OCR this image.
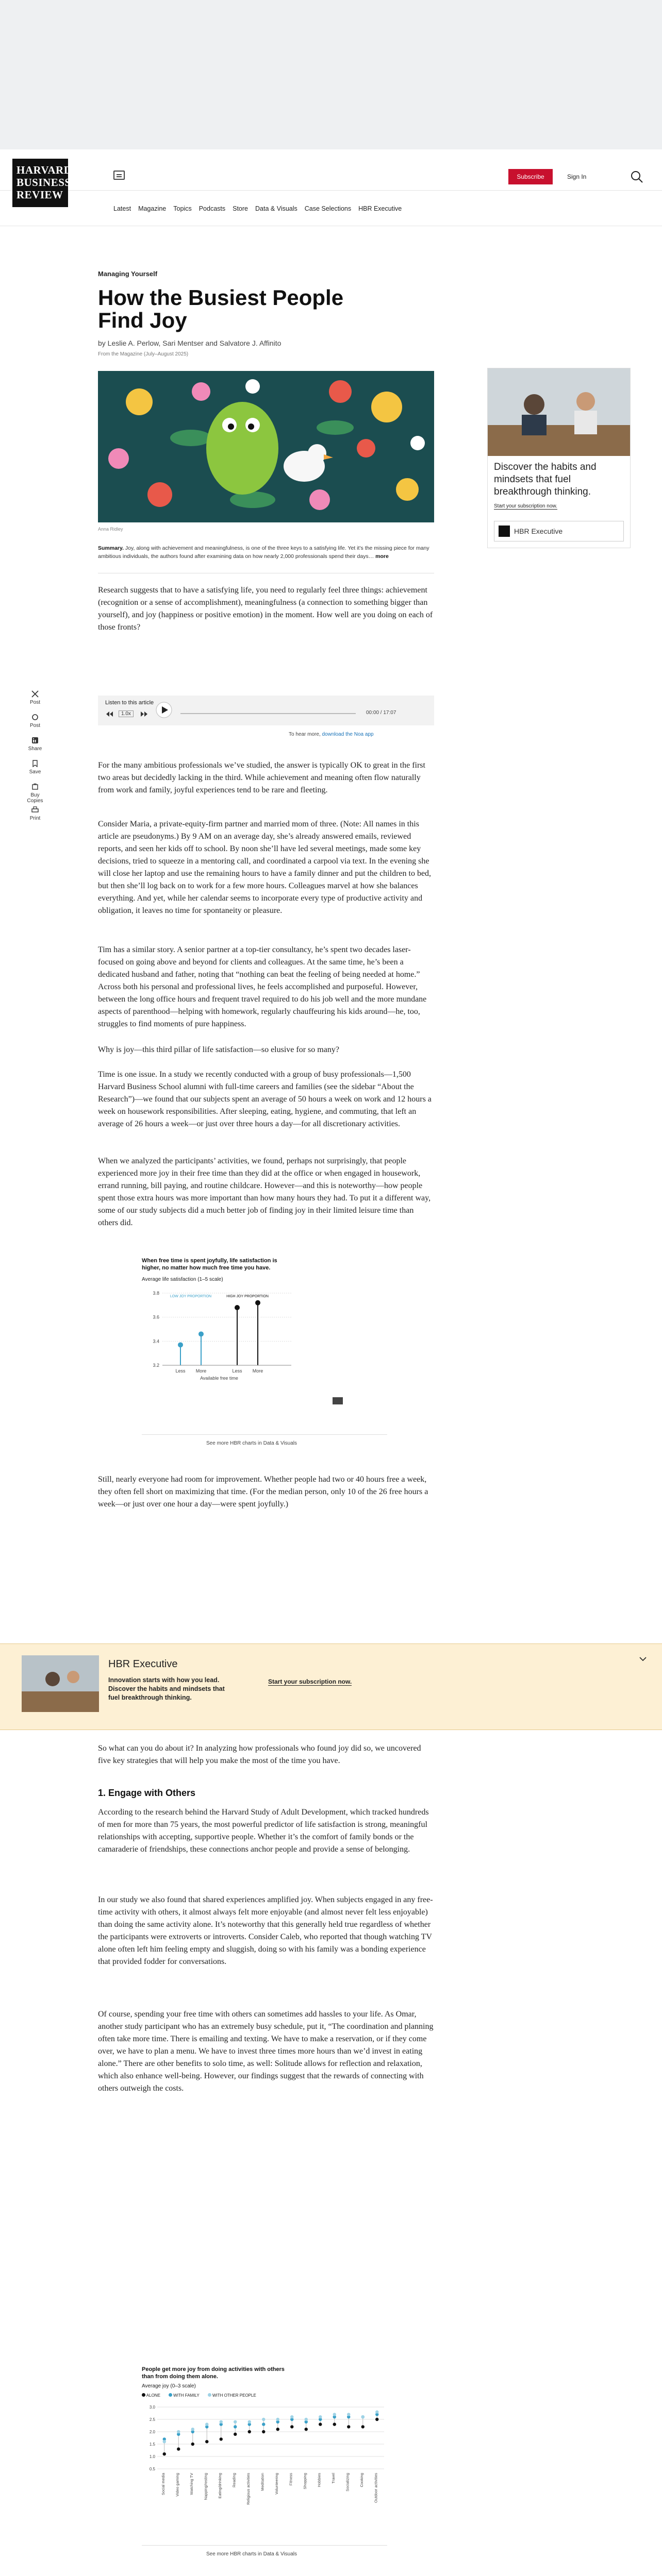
HARVARD
BUSINESS
REVIEW
Subscribe	Sign In
Latest Magazine Topics Podcasts Store Data & Visuals Case Selections HBR Executive
Post
Post
Share
Save
Buy Copies
Print
Managing Yourself
How the Busiest People
Find Joy
by Leslie A. Perlow, Sari Mentser and Salvatore J. Affinito
From the Magazine (July–August 2025)
Anna Ridley
Summary. Joy, along with achievement and meaningfulness, is one of the three keys to a satisfying life. Yet it’s the missing piece for many ambitious individuals, the authors found after examining data on how nearly 2,000 professionals spend their days… more
Discover the habits and mindsets that fuel breakthrough thinking.
Start your subscription now.
HBR Executive
Research suggests that to have a satisfying life, you need to regularly feel three things: achievement (recognition or a sense of accomplishment), meaningfulness (a connection to something bigger than yourself), and joy (happiness or positive emotion) in the moment. How well are you doing on each of those fronts?
Listen to this article
1.0x	00:00 / 17:07
To hear more, download the Noa app
For the many ambitious professionals we’ve studied, the answer is typically OK to great in the first two areas but decidedly lacking in the third. While achievement and meaning often flow naturally from work and family, joyful experiences tend to be rare and fleeting.
Consider Maria, a private-equity-firm partner and married mom of three. (Note: All names in this article are pseudonyms.) By 9 AM on an average day, she’s already answered emails, reviewed reports, and seen her kids off to school. By noon she’ll have led several meetings, made some key decisions, tried to squeeze in a mentoring call, and coordinated a carpool via text. In the evening she will close her laptop and use the remaining hours to have a family dinner and put the children to bed, but then she’ll log back on to work for a few more hours. Colleagues marvel at how she balances everything. And yet, while her calendar seems to incorporate every type of productive activity and obligation, it leaves no time for spontaneity or pleasure.
Tim has a similar story. A senior partner at a top-tier consultancy, he’s spent two decades laser-focused on going above and beyond for clients and colleagues. At the same time, he’s been a dedicated husband and father, noting that “nothing can beat the feeling of being needed at home.” Across both his personal and professional lives, he feels accomplished and purposeful. However, between the long office hours and frequent travel required to do his job well and the more mundane aspects of parenthood—helping with homework, regularly chauffeuring his kids around—he, too, struggles to find moments of pure happiness.
Why is joy—this third pillar of life satisfaction—so elusive for so many?
Time is one issue. In a study we recently conducted with a group of busy professionals—1,500 Harvard Business School alumni with full-time careers and families (see the sidebar “About the Research”)—we found that our subjects spent an average of 50 hours a week on work and 12 hours a week on housework responsibilities. After sleeping, eating, hygiene, and commuting, that left an average of 26 hours a week—or just over three hours a day—for all discretionary activities.
When we analyzed the participants’ activities, we found, perhaps not surprisingly, that people experienced more joy in their free time than they did at the office or when engaged in housework, errand running, bill paying, and routine childcare. However—and this is noteworthy—how people spent those extra hours was more important than how many hours they had. To put it a different way, some of our study subjects did a much better job of finding joy in their limited leisure time than others did.
When free time is spent joyfully, life satisfaction is higher, no matter how much free time you have.
Average life satisfaction (1–5 scale)
3.8
3.6
3.4
3.2
Less More	Less More
LOW JOY PROPORTION	HIGH JOY PROPORTION
Available free time
See more HBR charts in Data & Visuals
Still, nearly everyone had room for improvement. Whether people had two or 40 hours free a week, they often fell short on maximizing that time. (For the median person, only 10 of the 26 free hours a week—or just over one hour a day—were spent joyfully.)
HBR Executive
Innovation starts with how you lead.
Discover the habits and mindsets that
fuel breakthrough thinking.
Start your subscription now.
So what can you do about it? In analyzing how professionals who found joy did so, we uncovered five key strategies that will help you make the most of the time you have.
1. Engage with Others
According to the research behind the Harvard Study of Adult Development, which tracked hundreds of men for more than 75 years, the most powerful predictor of life satisfaction is strong, meaningful relationships with accepting, supportive people. Whether it’s the comfort of family bonds or the camaraderie of friendships, these connections anchor people and provide a sense of belonging.
In our study we also found that shared experiences amplified joy. When subjects engaged in any free-time activity with others, it almost always felt more enjoyable (and almost never felt less enjoyable) than doing the same activity alone. It’s noteworthy that this generally held true regardless of whether the participants were extroverts or introverts. Consider Caleb, who reported that though watching TV alone often left him feeling empty and sluggish, doing so with his family was a bonding experience that provided fodder for conversations.
Of course, spending your free time with others can sometimes add hassles to your life. As Omar, another study participant who has an extremely busy schedule, put it, “The coordination and planning often take more time. There is emailing and texting. We have to make a reservation, or if they come over, we have to plan a menu. We have to invest three times more hours than we’d invest in eating alone.” There are other benefits to solo time, as well: Solitude allows for reflection and relaxation, which also enhance well-being. However, our findings suggest that the rewards of connecting with others outweigh the costs.
People get more joy from doing activities with others than from doing them alone.
Average joy (0–3 scale)
ALONE	WITH FAMILY	WITH OTHER PEOPLE
3.0
2.5
2.0
1.5
1.0
0.5
Social media Video gaming Watching TV Napping/resting Eating/drinking Reading Religious activities Meditation Volunteering Fitness Shopping Hobbies Travel Socializing Cooking Outdoor activities
See more HBR charts in Data & Visuals
